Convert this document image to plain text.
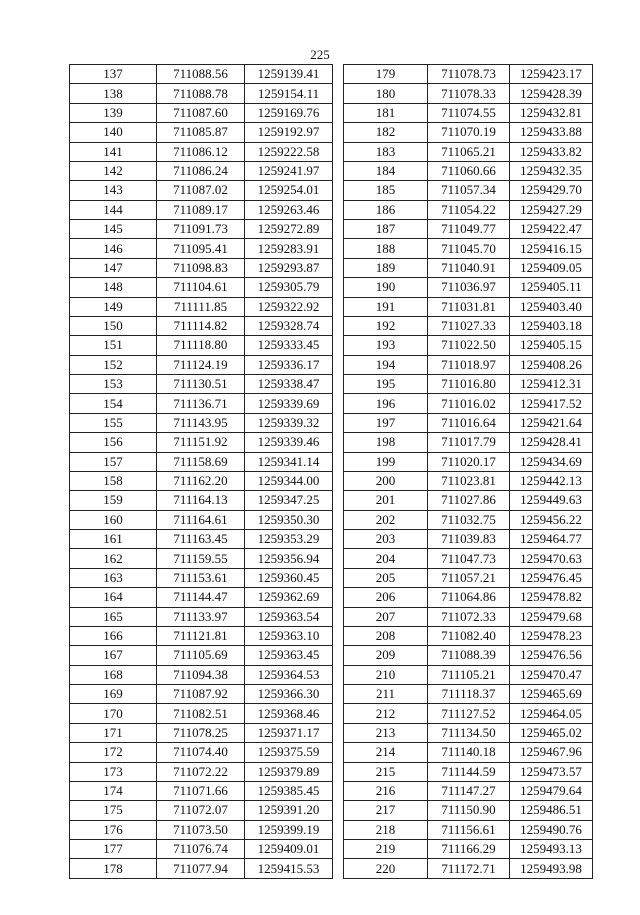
225
137	711088.56	1259139.41
138	711088.78	1259154.11
139	711087.60	1259169.76
140	711085.87	1259192.97
141	711086.12	1259222.58
142	711086.24	1259241.97
143	711087.02	1259254.01
144	711089.17	1259263.46
145	711091.73	1259272.89
146	711095.41	1259283.91
147	711098.83	1259293.87
148	711104.61	1259305.79
149	711111.85	1259322.92
150	711114.82	1259328.74
151	711118.80	1259333.45
152	711124.19	1259336.17
153	711130.51	1259338.47
154	711136.71	1259339.69
155	711143.95	1259339.32
156	711151.92	1259339.46
157	711158.69	1259341.14
158	711162.20	1259344.00
159	711164.13	1259347.25
160	711164.61	1259350.30
161	711163.45	1259353.29
162	711159.55	1259356.94
163	711153.61	1259360.45
164	711144.47	1259362.69
165	711133.97	1259363.54
166	711121.81	1259363.10
167	711105.69	1259363.45
168	711094.38	1259364.53
169	711087.92	1259366.30
170	711082.51	1259368.46
171	711078.25	1259371.17
172	711074.40	1259375.59
173	711072.22	1259379.89
174	711071.66	1259385.45
175	711072.07	1259391.20
176	711073.50	1259399.19
177	711076.74	1259409.01
178	711077.94	1259415.53
179	711078.73	1259423.17
180	711078.33	1259428.39
181	711074.55	1259432.81
182	711070.19	1259433.88
183	711065.21	1259433.82
184	711060.66	1259432.35
185	711057.34	1259429.70
186	711054.22	1259427.29
187	711049.77	1259422.47
188	711045.70	1259416.15
189	711040.91	1259409.05
190	711036.97	1259405.11
191	711031.81	1259403.40
192	711027.33	1259403.18
193	711022.50	1259405.15
194	711018.97	1259408.26
195	711016.80	1259412.31
196	711016.02	1259417.52
197	711016.64	1259421.64
198	711017.79	1259428.41
199	711020.17	1259434.69
200	711023.81	1259442.13
201	711027.86	1259449.63
202	711032.75	1259456.22
203	711039.83	1259464.77
204	711047.73	1259470.63
205	711057.21	1259476.45
206	711064.86	1259478.82
207	711072.33	1259479.68
208	711082.40	1259478.23
209	711088.39	1259476.56
210	711105.21	1259470.47
211	711118.37	1259465.69
212	711127.52	1259464.05
213	711134.50	1259465.02
214	711140.18	1259467.96
215	711144.59	1259473.57
216	711147.27	1259479.64
217	711150.90	1259486.51
218	711156.61	1259490.76
219	711166.29	1259493.13
220	711172.71	1259493.98
